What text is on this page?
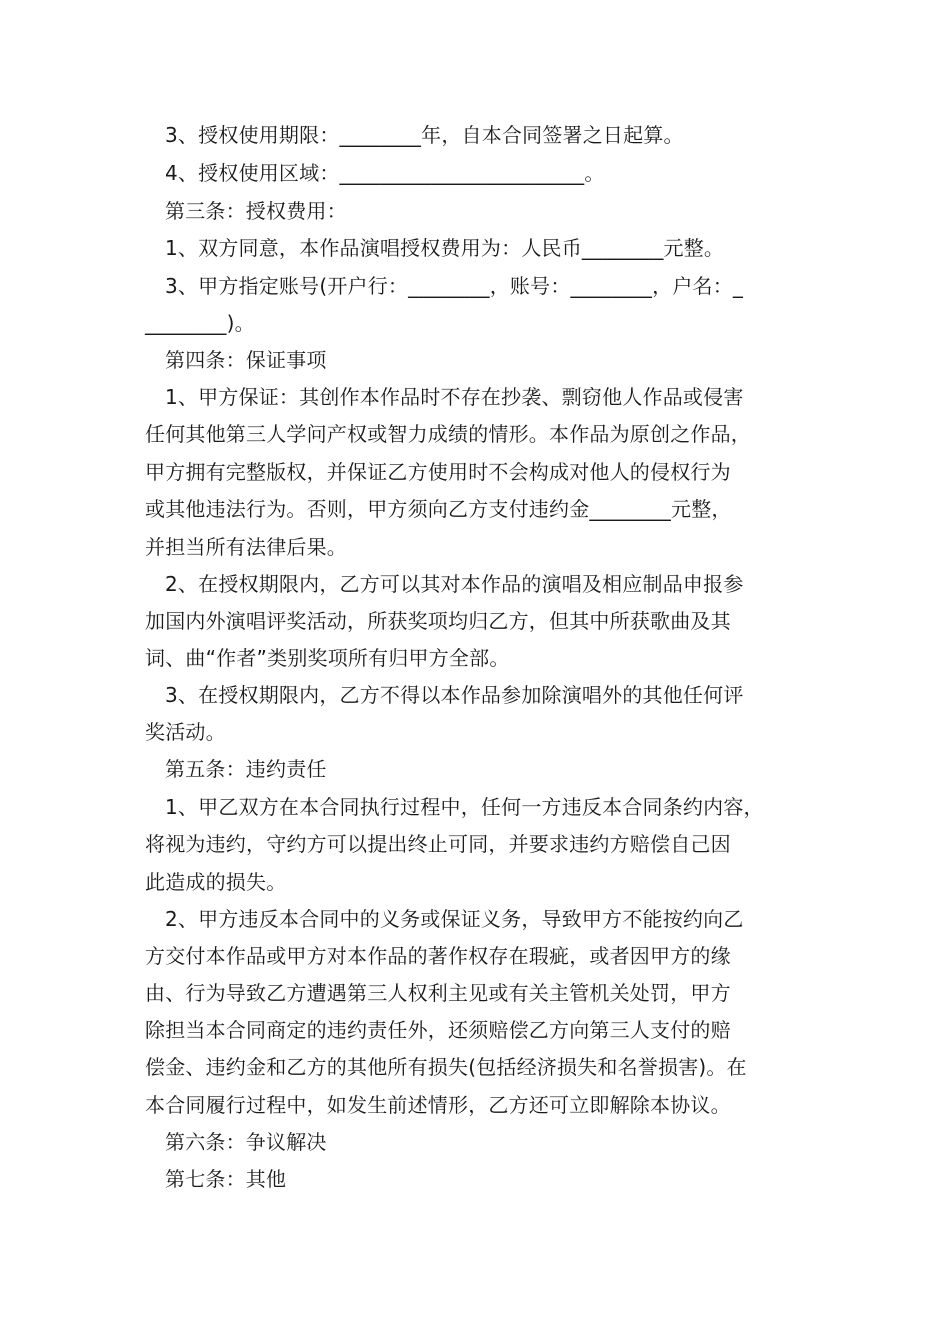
3、授权使用期限：________年，自本合同签署之日起算。
4、授权使用区域：________________________。
第三条：授权费用：
1、双方同意，本作品演唱授权费用为：人民币________元整。
3、甲方指定账号(开户行：________，账号：________，户名：_
________)。
第四条：保证事项
1、甲方保证：其创作本作品时不存在抄袭、剽窃他人作品或侵害
任何其他第三人学问产权或智力成绩的情形。本作品为原创之作品，
甲方拥有完整版权，并保证乙方使用时不会构成对他人的侵权行为
或其他违法行为。否则，甲方须向乙方支付违约金________元整，
并担当所有法律后果。
2、在授权期限内，乙方可以其对本作品的演唱及相应制品申报参
加国内外演唱评奖活动，所获奖项均归乙方，但其中所获歌曲及其
词、曲“作者”类别奖项所有归甲方全部。
3、在授权期限内，乙方不得以本作品参加除演唱外的其他任何评
奖活动。
第五条：违约责任
1、甲乙双方在本合同执行过程中，任何一方违反本合同条约内容，
将视为违约，守约方可以提出终止可同，并要求违约方赔偿自己因
此造成的损失。
2、甲方违反本合同中的义务或保证义务，导致甲方不能按约向乙
方交付本作品或甲方对本作品的著作权存在瑕疵，或者因甲方的缘
由、行为导致乙方遭遇第三人权利主见或有关主管机关处罚，甲方
除担当本合同商定的违约责任外，还须赔偿乙方向第三人支付的赔
偿金、违约金和乙方的其他所有损失(包括经济损失和名誉损害)。在
本合同履行过程中，如发生前述情形，乙方还可立即解除本协议。
第六条：争议解决
第七条：其他
